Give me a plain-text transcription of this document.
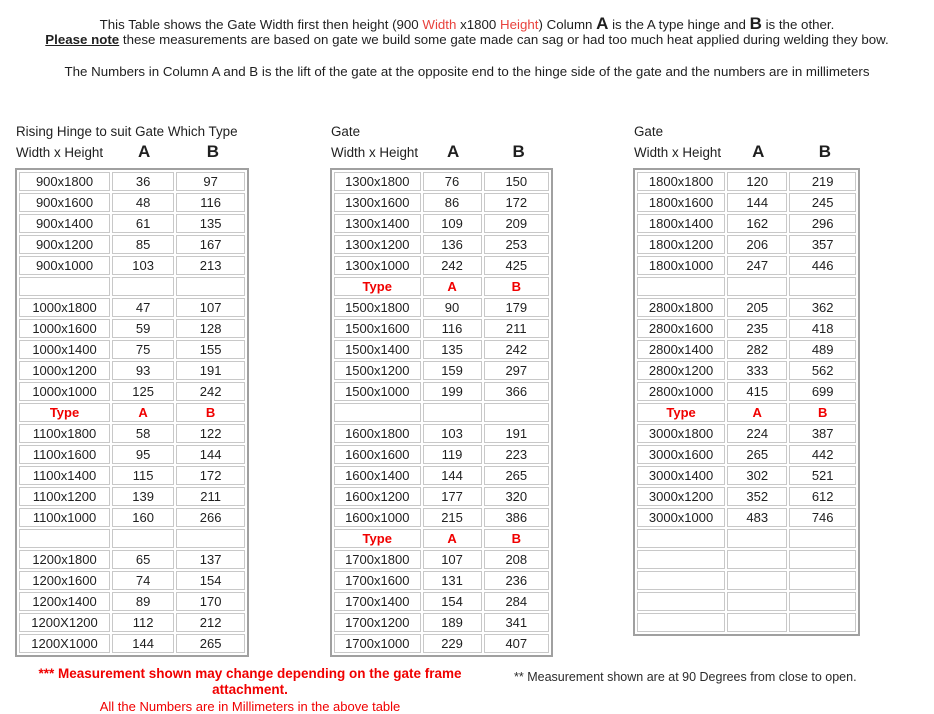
This Table shows the Gate Width first then height (900 Width x1800 Height) Column A is the A type hinge and B is the other.
Please note these measurements are based on gate we build some gate made can sag or had too much heat applied during welding they bow.
The Numbers in Column A and B is the lift of the gate at the opposite end to the hinge side of the gate and the numbers are in millimeters
Rising Hinge to suit Gate Which Type
Width x Height	A	B
900x1800	36	97
900x1600	48	116
900x1400	61	135
900x1200	85	167
900x1000	103	213

1000x1800	47	107
1000x1600	59	128
1000x1400	75	155
1000x1200	93	191
1000x1000	125	242
Type	A	B
1100x1800	58	122
1100x1600	95	144
1100x1400	115	172
1100x1200	139	211
1100x1000	160	266

1200x1800	65	137
1200x1600	74	154
1200x1400	89	170
1200X1200	112	212
1200X1000	144	265
Gate
Width x Height	A	B
1300x1800	76	150
1300x1600	86	172
1300x1400	109	209
1300x1200	136	253
1300x1000	242	425
Type	A	B
1500x1800	90	179
1500x1600	116	211
1500x1400	135	242
1500x1200	159	297
1500x1000	199	366

1600x1800	103	191
1600x1600	119	223
1600x1400	144	265
1600x1200	177	320
1600x1000	215	386
Type	A	B
1700x1800	107	208
1700x1600	131	236
1700x1400	154	284
1700x1200	189	341
1700x1000	229	407
Gate
Width x Height	A	B
1800x1800	120	219
1800x1600	144	245
1800x1400	162	296
1800x1200	206	357
1800x1000	247	446

2800x1800	205	362
2800x1600	235	418
2800x1400	282	489
2800x1200	333	562
2800x1000	415	699
Type	A	B
3000x1800	224	387
3000x1600	265	442
3000x1400	302	521
3000x1200	352	612
3000x1000	483	746

*** Measurement shown may change depending on the gate frame attachment.
All the Numbers are in Millimeters in the above table
** Measurement shown are at 90 Degrees from close to open.
